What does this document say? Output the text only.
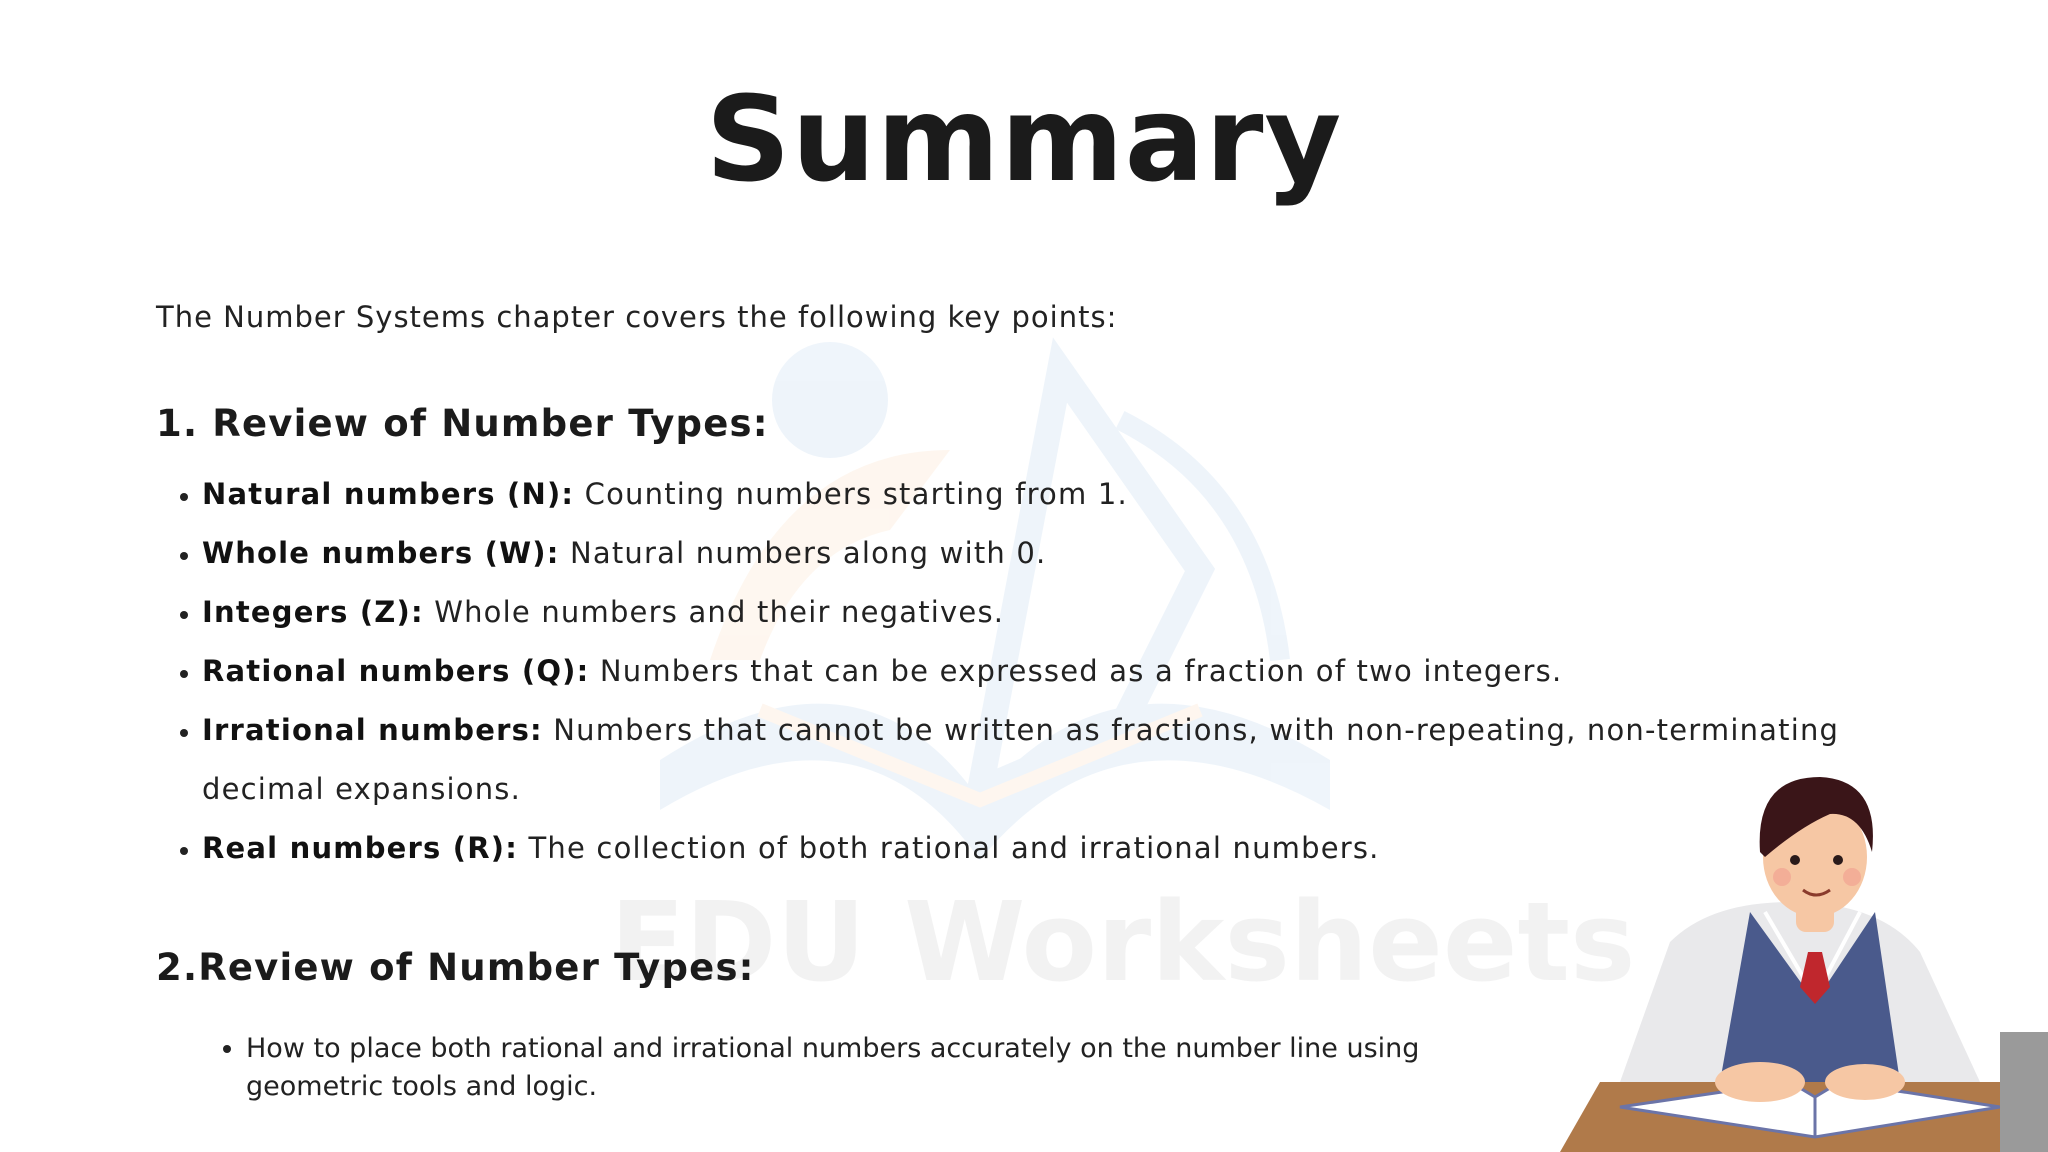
EDU Worksheets
Summary
The Number Systems chapter covers the following key points:
1. Review of Number Types:
• Natural numbers (N): Counting numbers starting from 1.
• Whole numbers (W): Natural numbers along with 0.
• Integers (Z): Whole numbers and their negatives.
• Rational numbers (Q): Numbers that can be expressed as a fraction of two integers.
• Irrational numbers: Numbers that cannot be written as fractions, with non-repeating, non-terminating decimal expansions.
• Real numbers (R): The collection of both rational and irrational numbers.
2.Review of Number Types:
• How to place both rational and irrational numbers accurately on the number line using geometric tools and logic.
